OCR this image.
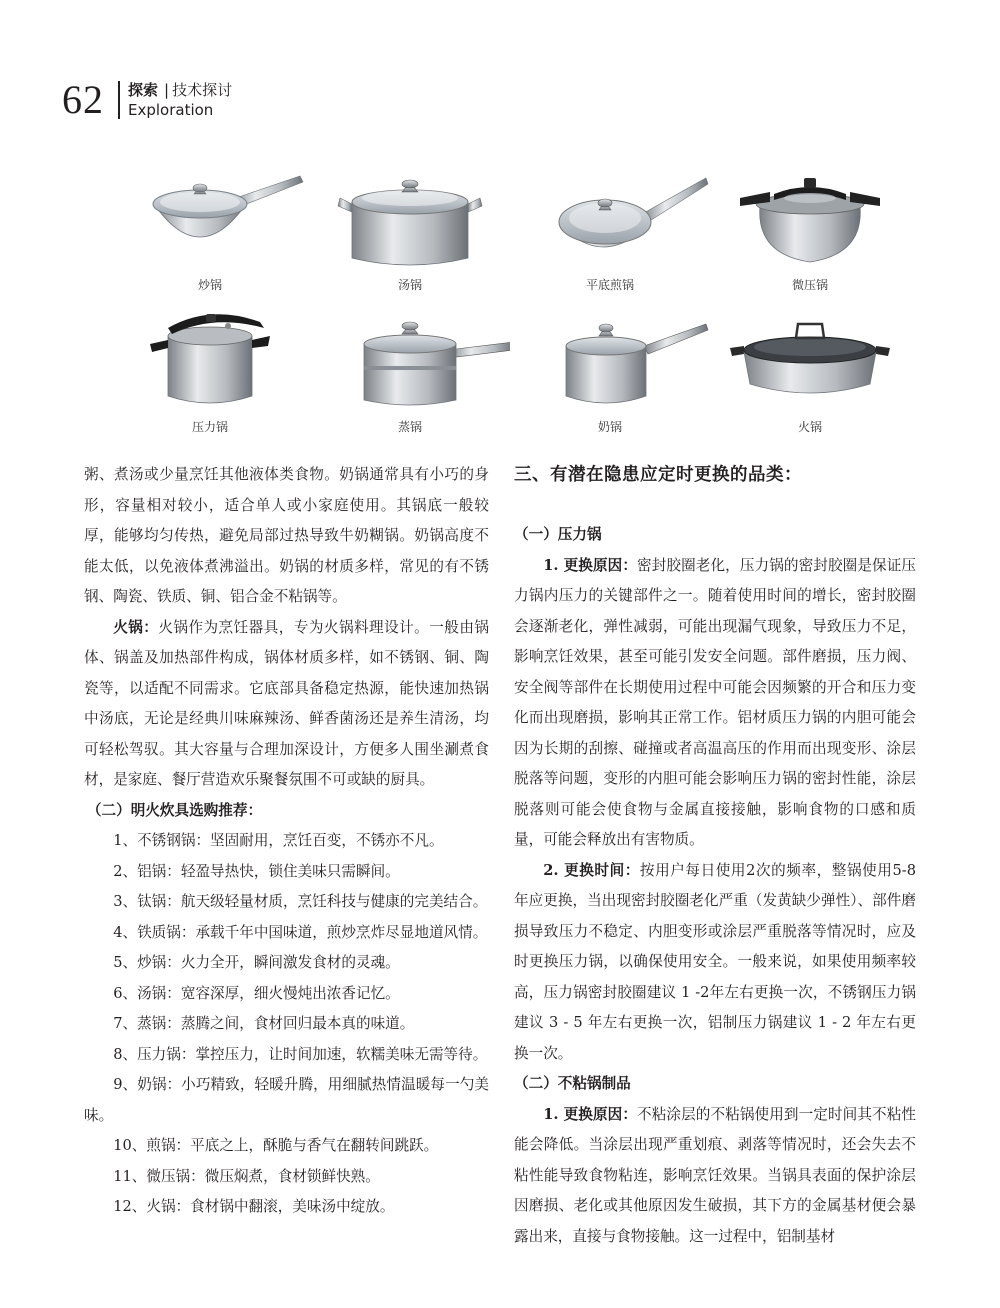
62 探索 | 技术探讨
Exploration
炒锅	汤锅	平底煎锅	微压锅
压力锅	蒸锅	奶锅	火锅

粥、煮汤或少量烹饪其他液体类食物。奶锅通常具有小巧的身形，容量相对较小，适合单人或小家庭使用。其锅底一般较厚，能够均匀传热，避免局部过热导致牛奶糊锅。奶锅高度不能太低，以免液体煮沸溢出。奶锅的材质多样，常见的有不锈钢、陶瓷、铁质、铜、铝合金不粘锅等。

火锅：火锅作为烹饪器具，专为火锅料理设计。一般由锅体、锅盖及加热部件构成，锅体材质多样，如不锈钢、铜、陶瓷等，以适配不同需求。它底部具备稳定热源，能快速加热锅中汤底，无论是经典川味麻辣汤、鲜香菌汤还是养生清汤，均可轻松驾驭。其大容量与合理加深设计，方便多人围坐涮煮食材，是家庭、餐厅营造欢乐聚餐氛围不可或缺的厨具。

（二）明火炊具选购推荐：

1、不锈钢锅：坚固耐用，烹饪百变，不锈亦不凡。

2、铝锅：轻盈导热快，锁住美味只需瞬间。

3、钛锅：航天级轻量材质，烹饪科技与健康的完美结合。

4、铁质锅：承载千年中国味道，煎炒烹炸尽显地道风情。

5、炒锅：火力全开，瞬间激发食材的灵魂。

6、汤锅：宽容深厚，细火慢炖出浓香记忆。

7、蒸锅：蒸腾之间，食材回归最本真的味道。

8、压力锅：掌控压力，让时间加速，软糯美味无需等待。

9、奶锅：小巧精致，轻暖升腾，用细腻热情温暖每一勺美味。

10、煎锅：平底之上，酥脆与香气在翻转间跳跃。

11、微压锅：微压焖煮，食材锁鲜快熟。

12、火锅：食材锅中翻滚，美味汤中绽放。

三、有潜在隐患应定时更换的品类：

（一）压力锅

1. 更换原因：密封胶圈老化，压力锅的密封胶圈是保证压力锅内压力的关键部件之一。随着使用时间的增长，密封胶圈会逐渐老化，弹性减弱，可能出现漏气现象，导致压力不足，影响烹饪效果，甚至可能引发安全问题。部件磨损，压力阀、安全阀等部件在长期使用过程中可能会因频繁的开合和压力变化而出现磨损，影响其正常工作。铝材质压力锅的内胆可能会因为长期的刮擦、碰撞或者高温高压的作用而出现变形、涂层脱落等问题，变形的内胆可能会影响压力锅的密封性能，涂层脱落则可能会使食物与金属直接接触，影响食物的口感和质量，可能会释放出有害物质。

2. 更换时间：按用户每日使用2次的频率，整锅使用5-8年应更换，当出现密封胶圈老化严重（发黄缺少弹性）、部件磨损导致压力不稳定、内胆变形或涂层严重脱落等情况时，应及时更换压力锅，以确保使用安全。一般来说，如果使用频率较高，压力锅密封胶圈建议 1 -2年左右更换一次，不锈钢压力锅建议 3 - 5 年左右更换一次，铝制压力锅建议 1 - 2 年左右更换一次。

（二）不粘锅制品

1. 更换原因：不粘涂层的不粘锅使用到一定时间其不粘性能会降低。当涂层出现严重划痕、剥落等情况时，还会失去不粘性能导致食物粘连，影响烹饪效果。当锅具表面的保护涂层因磨损、老化或其他原因发生破损，其下方的金属基材便会暴露出来，直接与食物接触。这一过程中，铝制基材
